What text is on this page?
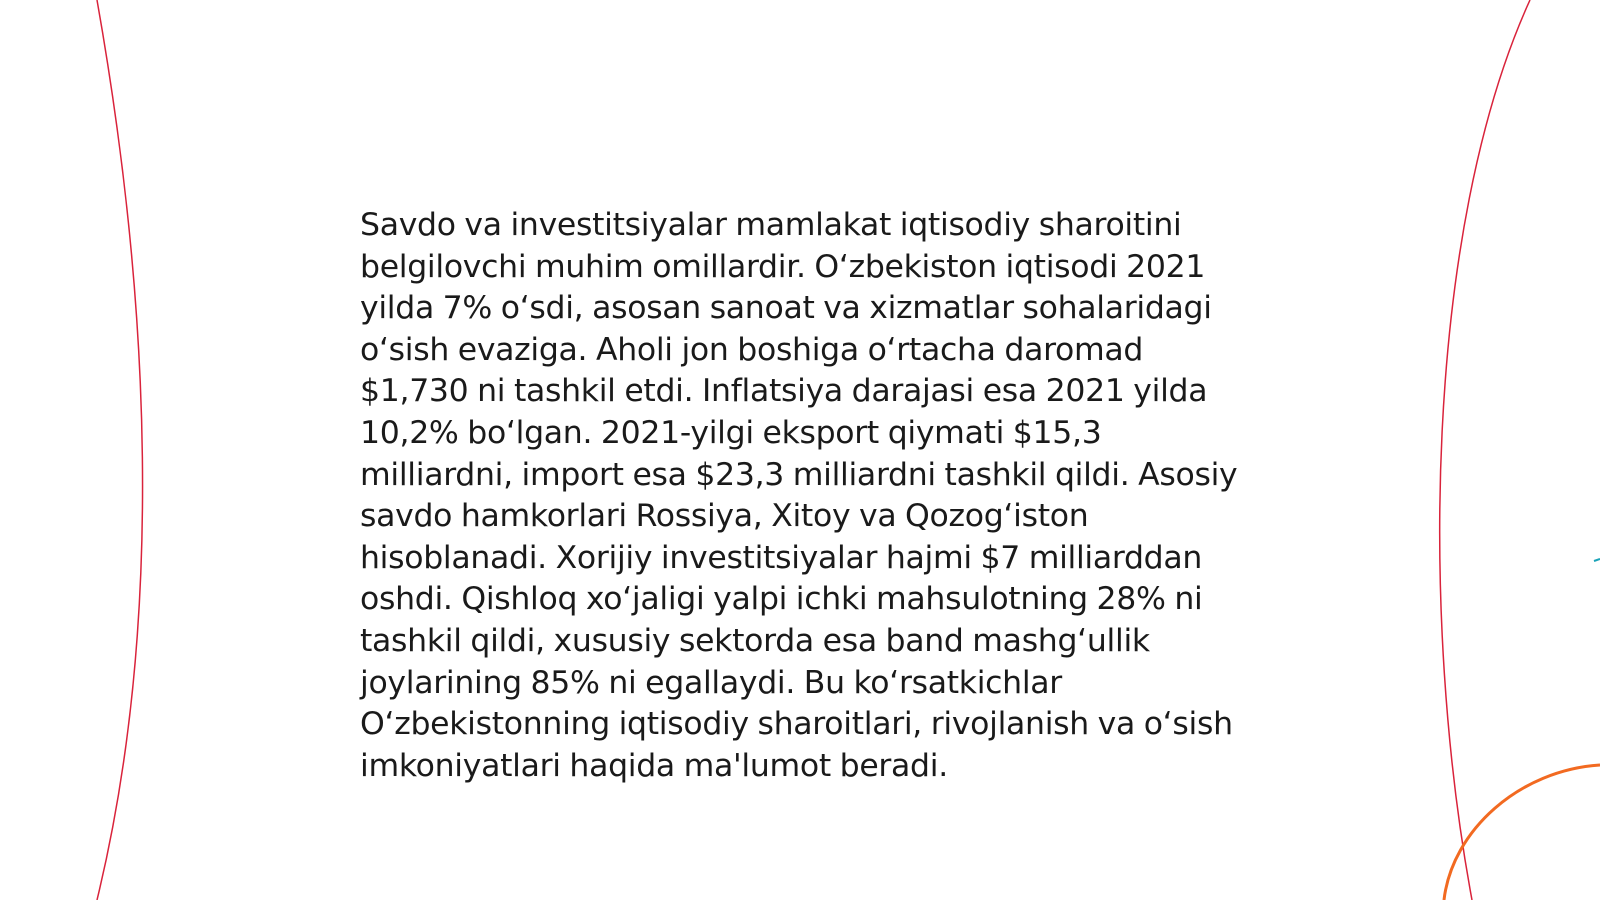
Savdo va investitsiyalar mamlakat iqtisodiy sharoitini belgilovchi muhim omillardir. O‘zbekiston iqtisodi 2021 yilda 7% o‘sdi, asosan sanoat va xizmatlar sohalaridagi o‘sish evaziga. Aholi jon boshiga o‘rtacha daromad $1,730 ni tashkil etdi. Inflatsiya darajasi esa 2021 yilda 10,2% bo‘lgan. 2021-yilgi eksport qiymati $15,3 milliardni, import esa $23,3 milliardni tashkil qildi. Asosiy savdo hamkorlari Rossiya, Xitoy va Qozog‘iston hisoblanadi. Xorijiy investitsiyalar hajmi $7 milliarddan oshdi. Qishloq xo‘jaligi yalpi ichki mahsulotning 28% ni tashkil qildi, xususiy sektorda esa band mashg‘ullik joylarining 85% ni egallaydi. Bu ko‘rsatkichlar O‘zbekistonning iqtisodiy sharoitlari, rivojlanish va o‘sish imkoniyatlari haqida ma'lumot beradi.
